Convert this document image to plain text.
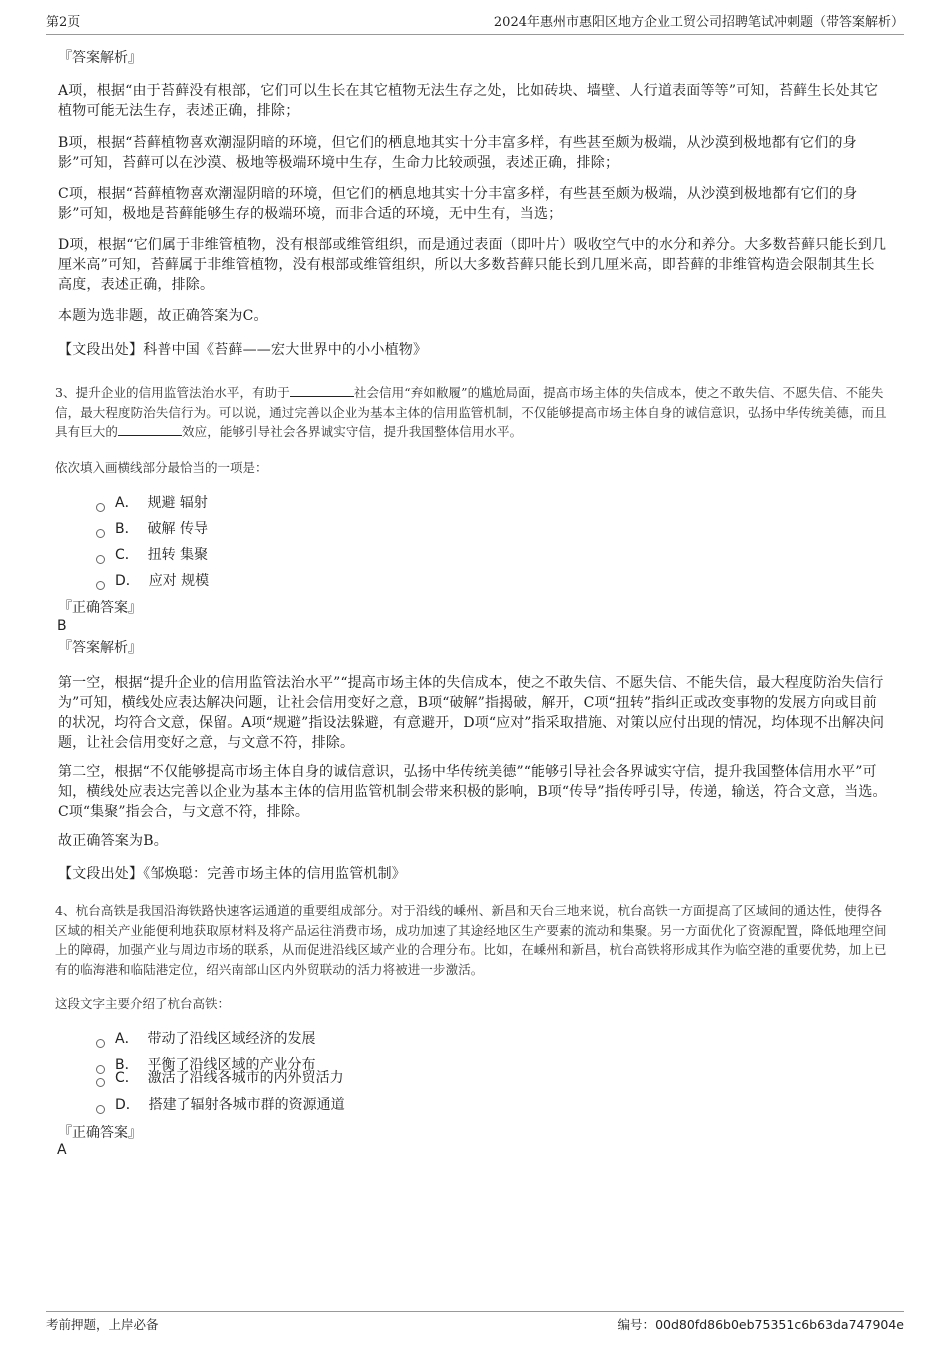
第2页	2024年惠州市惠阳区地方企业工贸公司招聘笔试冲刺题（带答案解析）
『答案解析』
A项，根据“由于苔藓没有根部，它们可以生长在其它植物无法生存之处，比如砖块、墙壁、人行道表面等等”可知，苔藓生长处其它植物可能无法生存，表述正确，排除；
B项，根据“苔藓植物喜欢潮湿阴暗的环境，但它们的栖息地其实十分丰富多样，有些甚至颇为极端，从沙漠到极地都有它们的身影”可知，苔藓可以在沙漠、极地等极端环境中生存，生命力比较顽强，表述正确，排除；
C项，根据“苔藓植物喜欢潮湿阴暗的环境，但它们的栖息地其实十分丰富多样，有些甚至颇为极端，从沙漠到极地都有它们的身影”可知，极地是苔藓能够生存的极端环境，而非合适的环境，无中生有，当选；
D项，根据“它们属于非维管植物，没有根部或维管组织，而是通过表面（即叶片）吸收空气中的水分和养分。大多数苔藓只能长到几厘米高”可知，苔藓属于非维管植物，没有根部或维管组织，所以大多数苔藓只能长到几厘米高，即苔藓的非维管构造会限制其生长高度，表述正确，排除。
本题为选非题，故正确答案为C。
【文段出处】科普中国《苔藓——宏大世界中的小小植物》
3、提升企业的信用监管法治水平，有助于	社会信用“弃如敝履”的尴尬局面，提高市场主体的失信成本，使之不敢失信、不愿失信、不能失信，最大程度防治失信行为。可以说，通过完善以企业为基本主体的信用监管机制，不仅能够提高市场主体自身的诚信意识，弘扬中华传统美德，而且具有巨大的	效应，能够引导社会各界诚实守信，提升我国整体信用水平。
依次填入画横线部分最恰当的一项是：
A． 规避 辐射
B． 破解 传导
C． 扭转 集聚
D． 应对 规模
『正确答案』
B
『答案解析』
第一空，根据“提升企业的信用监管法治水平”“提高市场主体的失信成本，使之不敢失信、不愿失信、不能失信，最大程度防治失信行为”可知，横线处应表达解决问题，让社会信用变好之意，B项“破解”指揭破，解开，C项“扭转”指纠正或改变事物的发展方向或目前的状况，均符合文意，保留。A项“规避”指设法躲避，有意避开，D项“应对”指采取措施、对策以应付出现的情况，均体现不出解决问题，让社会信用变好之意，与文意不符，排除。
第二空，根据“不仅能够提高市场主体自身的诚信意识，弘扬中华传统美德”“能够引导社会各界诚实守信，提升我国整体信用水平”可知，横线处应表达完善以企业为基本主体的信用监管机制会带来积极的影响，B项“传导”指传呼引导，传递，输送，符合文意，当选。C项“集聚”指会合，与文意不符，排除。
故正确答案为B。
【文段出处】《邹焕聪：完善市场主体的信用监管机制》
4、杭台高铁是我国沿海铁路快速客运通道的重要组成部分。对于沿线的嵊州、新昌和天台三地来说，杭台高铁一方面提高了区域间的通达性，使得各区域的相关产业能便利地获取原材料及将产品运往消费市场，成功加速了其途经地区生产要素的流动和集聚。另一方面优化了资源配置，降低地理空间上的障碍，加强产业与周边市场的联系，从而促进沿线区域产业的合理分布。比如，在嵊州和新昌，杭台高铁将形成其作为临空港的重要优势，加上已有的临海港和临陆港定位，绍兴南部山区内外贸联动的活力将被进一步激活。
这段文字主要介绍了杭台高铁：
A． 带动了沿线区域经济的发展
B． 平衡了沿线区域的产业分布
C． 激活了沿线各城市的内外贸活力
D． 搭建了辐射各城市群的资源通道
『正确答案』
A
考前押题，上岸必备	编号：00d80fd86b0eb75351c6b63da747904e
